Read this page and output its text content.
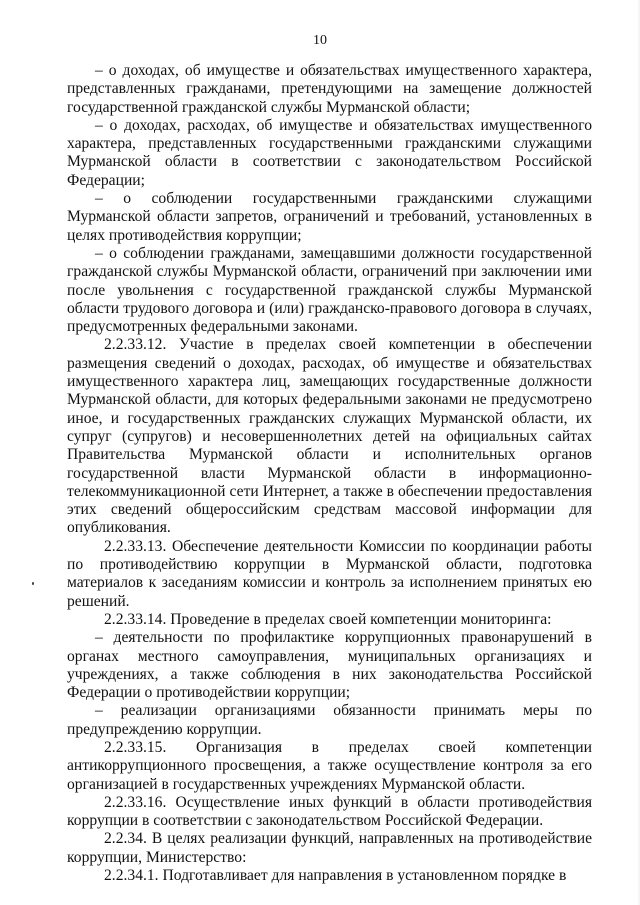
10

– о доходах, об имуществе и обязательствах имущественного характера, представленных гражданами, претендующими на замещение должностей государственной гражданской службы Мурманской области;

– о доходах, расходах, об имуществе и обязательствах имущественного характера, представленных государственными гражданскими служащими Мурманской области в соответствии с законодательством Российской Федерации;

– о соблюдении государственными гражданскими служащими Мурманской области запретов, ограничений и требований, установленных в целях противодействия коррупции;

– о соблюдении гражданами, замещавшими должности государственной гражданской службы Мурманской области, ограничений при заключении ими после увольнения с государственной гражданской службы Мурманской области трудового договора и (или) гражданско-правового договора в случаях, предусмотренных федеральными законами.

2.2.33.12. Участие в пределах своей компетенции в обеспечении размещения сведений о доходах, расходах, об имуществе и обязательствах имущественного характера лиц, замещающих государственные должности Мурманской области, для которых федеральными законами не предусмотрено иное, и государственных гражданских служащих Мурманской области, их супруг (супругов) и несовершеннолетних детей на официальных сайтах Правительства Мурманской области и исполнительных органов государственной власти Мурманской области в информационно-телекоммуникационной сети Интернет, а также в обеспечении предоставления этих сведений общероссийским средствам массовой информации для опубликования.

2.2.33.13. Обеспечение деятельности Комиссии по координации работы по противодействию коррупции в Мурманской области, подготовка материалов к заседаниям комиссии и контроль за исполнением принятых ею решений.

2.2.33.14. Проведение в пределах своей компетенции мониторинга:

– деятельности по профилактике коррупционных правонарушений в органах местного самоуправления, муниципальных организациях и учреждениях, а также соблюдения в них законодательства Российской Федерации о противодействии коррупции;

– реализации организациями обязанности принимать меры по предупреждению коррупции.

2.2.33.15. Организация в пределах своей компетенции антикоррупционного просвещения, а также осуществление контроля за его организацией в государственных учреждениях Мурманской области.

2.2.33.16. Осуществление иных функций в области противодействия коррупции в соответствии с законодательством Российской Федерации.

2.2.34. В целях реализации функций, направленных на противодействие коррупции, Министерство:

2.2.34.1. Подготавливает для направления в установленном порядке в
